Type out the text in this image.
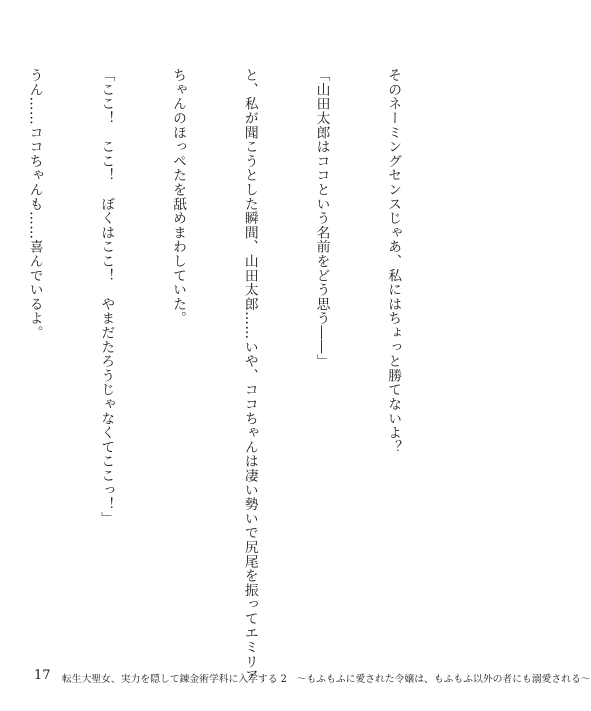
そのネーミングセンスじゃあ、私にはちょっと勝てないよ？

「山田太郎はココという名前をどう思う――」

と、私が聞こうとした瞬間、山田太郎……いや、ココちゃんは凄い勢いで尻尾を振ってエミリア

ちゃんのほっぺたを舐めまわしていた。

「ここ！　ここ！　ぼくはここ！　やまだたろうじゃなくてここっ！」

うん……ココちゃんも……喜んでいるよ。

17 転生大聖女、実力を隠して錬金術学科に入学する 2　～もふもふに愛された令嬢は、もふもふ以外の者にも溺愛される～
